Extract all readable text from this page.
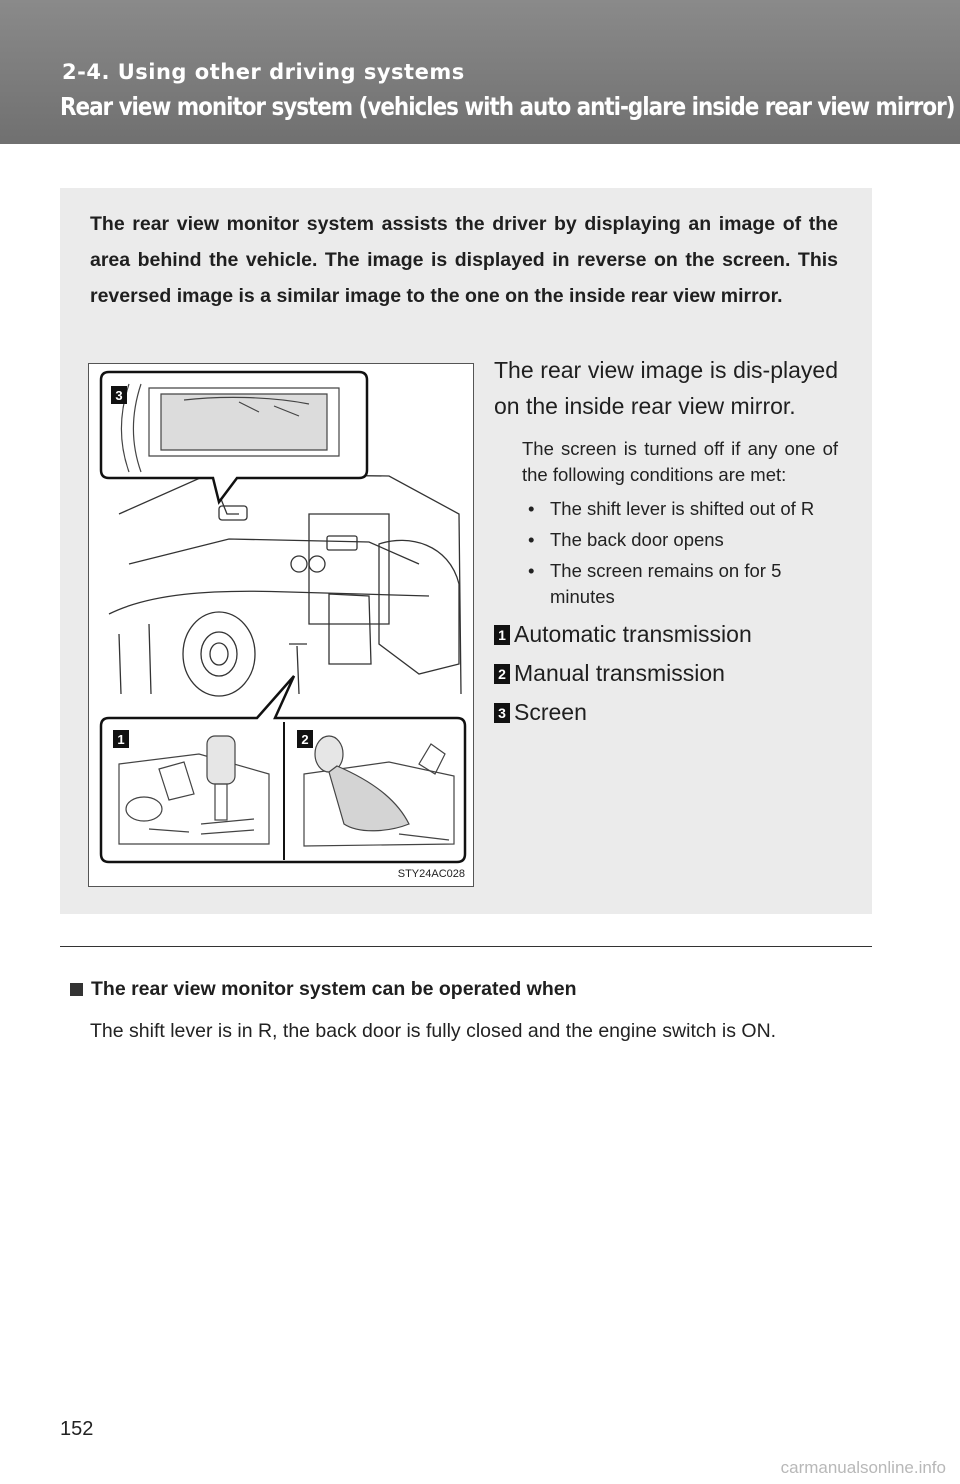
2-4. Using other driving systems
Rear view monitor system (vehicles with auto anti-glare inside rear view mirror)
The rear view monitor system assists the driver by displaying an image of the area behind the vehicle. The image is displayed in reverse on the screen. This reversed image is a similar image to the one on the inside rear view mirror.
3
1	2
STY24AC028

The rear view image is dis-played on the inside rear view mirror.

The screen is turned off if any one of the following conditions are met:
• The shift lever is shifted out of R
• The back door opens
• The screen remains on for 5 minutes
1 Automatic transmission
2 Manual transmission
3 Screen
The rear view monitor system can be operated when
The shift lever is in R, the back door is fully closed and the engine switch is ON.
152
carmanualsonline.info
